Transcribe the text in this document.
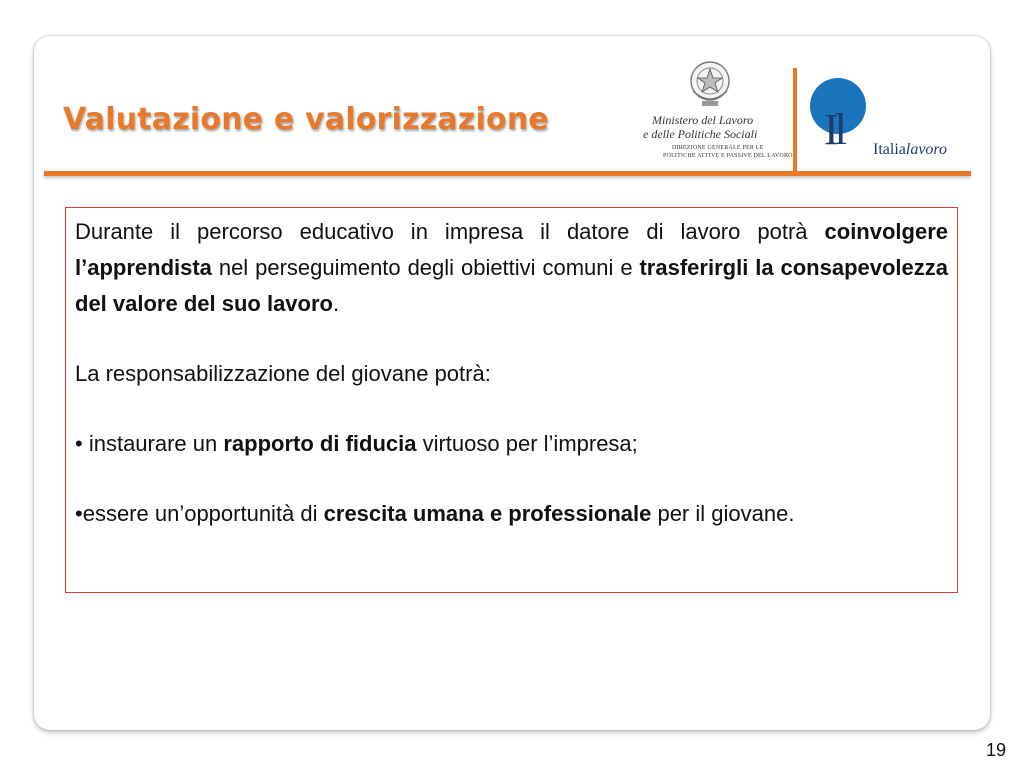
Valutazione e valorizzazione	Ministero del Lavoro
e delle Politiche Sociali
DIREZIONE GENERALE PER LE
POLITICHE ATTIVE E PASSIVE DEL LAVORO
Il Italialavoro

Durante il percorso educativo in impresa il datore di lavoro potrà coinvolgere l’apprendista nel perseguimento degli obiettivi comuni e trasferirgli la consapevolezza del valore del suo lavoro.

La responsabilizzazione del giovane potrà:

• instaurare un rapporto di fiducia virtuoso per l’impresa;

•essere un’opportunità di crescita umana e professionale per il giovane.

19
